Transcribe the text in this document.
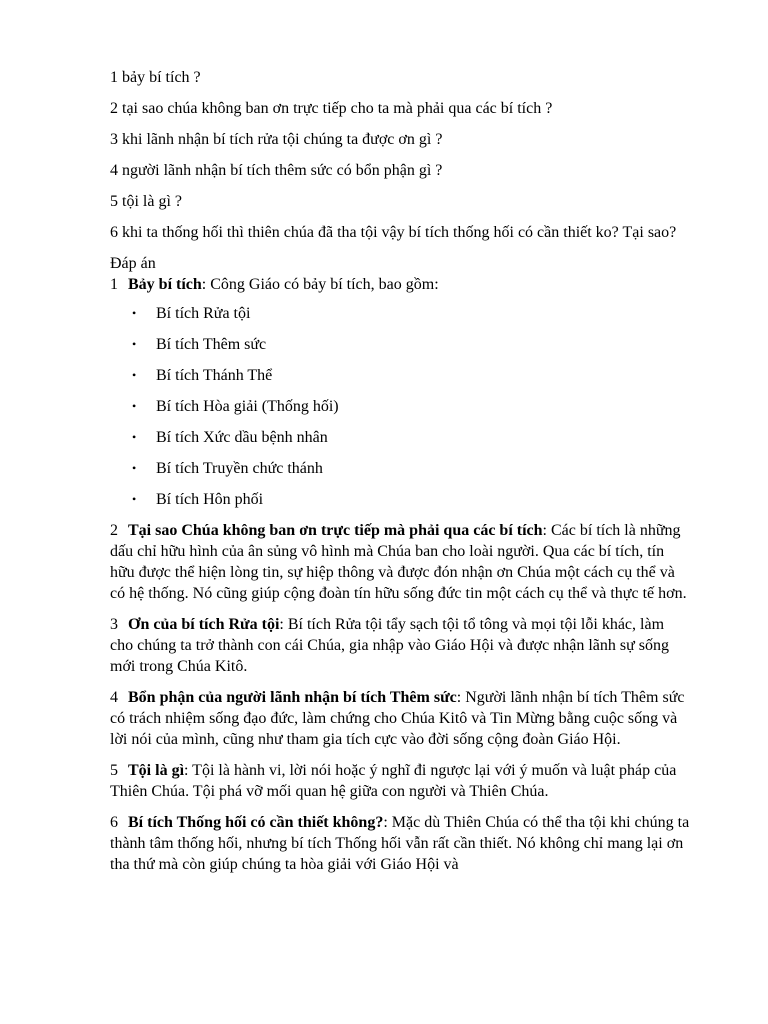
1 bảy bí tích ?

2 tại sao chúa không ban ơn trực tiếp cho ta mà phải qua các bí tích ?

3 khi lãnh nhận bí tích rửa tội chúng ta được ơn gì ?

4 người lãnh nhận bí tích thêm sức có bổn phận gì ?

5 tội là gì ?

6 khi ta thống hối thì thiên chúa đã tha tội vậy bí tích thống hối có cần thiết ko? Tại sao?

Đáp án

1 Bảy bí tích: Công Giáo có bảy bí tích, bao gồm:

• Bí tích Rửa tội
• Bí tích Thêm sức
• Bí tích Thánh Thể
• Bí tích Hòa giải (Thống hối)
• Bí tích Xức dầu bệnh nhân
• Bí tích Truyền chức thánh
• Bí tích Hôn phối

2 Tại sao Chúa không ban ơn trực tiếp mà phải qua các bí tích: Các bí tích là những dấu chỉ hữu hình của ân sủng vô hình mà Chúa ban cho loài người. Qua các bí tích, tín hữu được thể hiện lòng tin, sự hiệp thông và được đón nhận ơn Chúa một cách cụ thể và có hệ thống. Nó cũng giúp cộng đoàn tín hữu sống đức tin một cách cụ thể và thực tế hơn.

3 Ơn của bí tích Rửa tội: Bí tích Rửa tội tẩy sạch tội tổ tông và mọi tội lỗi khác, làm cho chúng ta trở thành con cái Chúa, gia nhập vào Giáo Hội và được nhận lãnh sự sống mới trong Chúa Kitô.

4 Bổn phận của người lãnh nhận bí tích Thêm sức: Người lãnh nhận bí tích Thêm sức có trách nhiệm sống đạo đức, làm chứng cho Chúa Kitô và Tin Mừng bằng cuộc sống và lời nói của mình, cũng như tham gia tích cực vào đời sống cộng đoàn Giáo Hội.

5 Tội là gì: Tội là hành vi, lời nói hoặc ý nghĩ đi ngược lại với ý muốn và luật pháp của Thiên Chúa. Tội phá vỡ mối quan hệ giữa con người và Thiên Chúa.

6 Bí tích Thống hối có cần thiết không?: Mặc dù Thiên Chúa có thể tha tội khi chúng ta thành tâm thống hối, nhưng bí tích Thống hối vẫn rất cần thiết. Nó không chỉ mang lại ơn tha thứ mà còn giúp chúng ta hòa giải với Giáo Hội và
